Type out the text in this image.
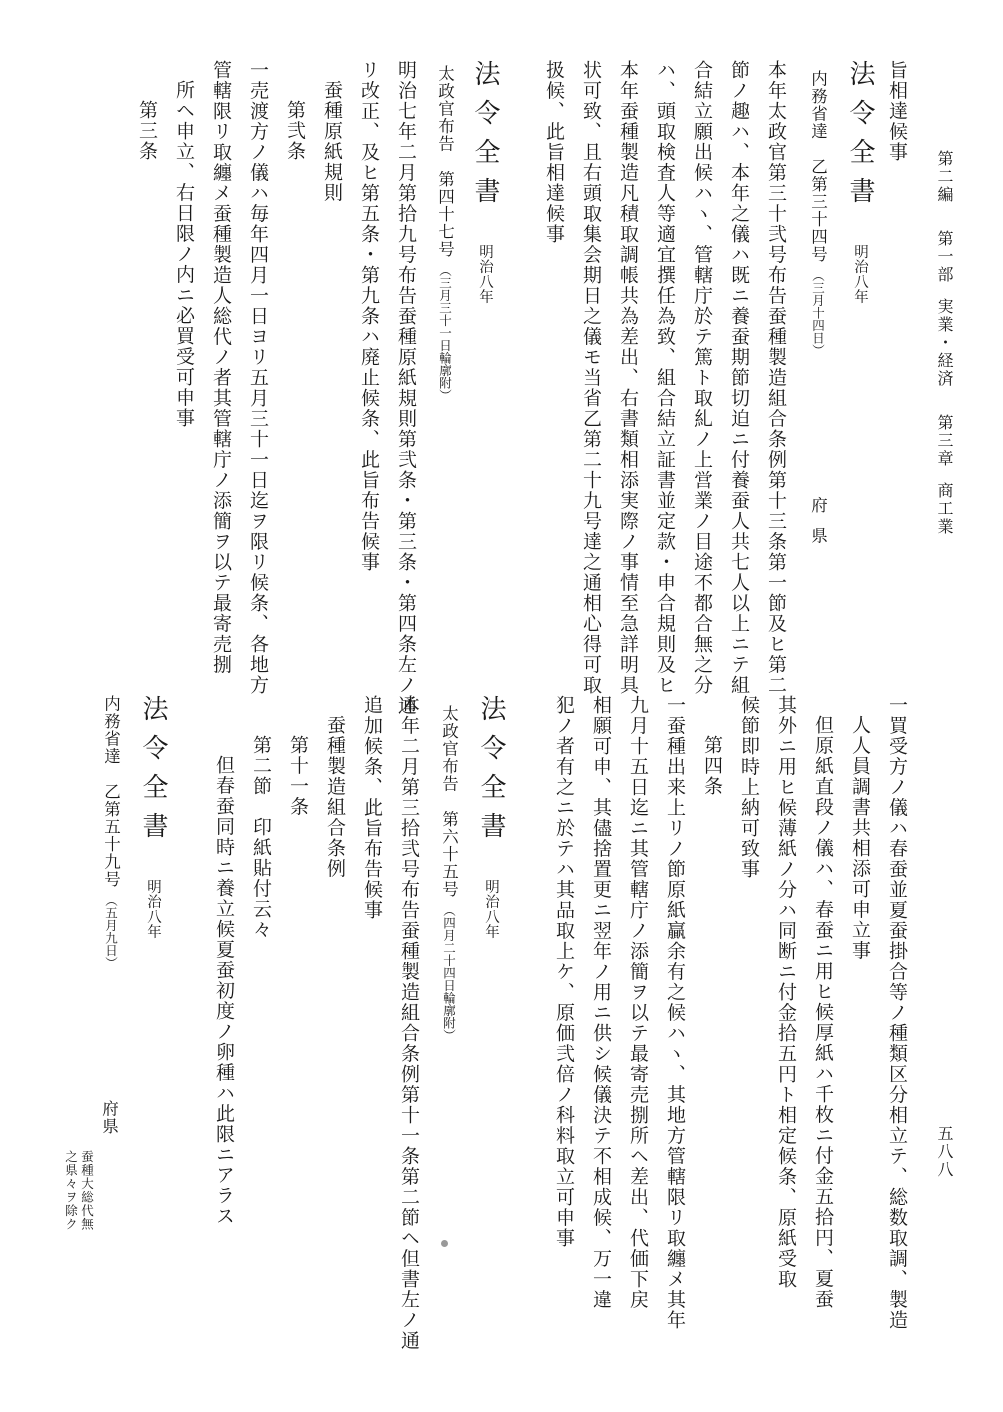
第二編第一部実業・経済第三章商工業
五八八
旨相達候事
法令全書明治八年
内務省達乙第三十四号（三月十四日）府県
本年太政官第三十弐号布告蚕種製造組合条例第十三条第一節及ヒ第二
節ノ趣ハ、本年之儀ハ既ニ養蚕期節切迫ニ付養蚕人共七人以上ニテ組
合結立願出候ハヽ、管轄庁於テ篤ト取糺ノ上営業ノ目途不都合無之分
ハ、頭取検査人等適宜撰任為致、組合結立証書並定款・申合規則及ヒ
本年蚕種製造凡積取調帳共為差出、右書類相添実際ノ事情至急詳明具
状可致、且右頭取集会期日之儀モ当省乙第二十九号達之通相心得可取
扱候、此旨相達候事
法令全書明治八年
太政官布告第四十七号（三月三十一日輪廓附）
明治七年二月第拾九号布告蚕種原紙規則第弐条・第三条・第四条左ノ通
リ改正、及ヒ第五条・第九条ハ廃止候条、此旨布告候事
蚕種原紙規則
第弐条
一売渡方ノ儀ハ毎年四月一日ヨリ五月三十一日迄ヲ限リ候条、各地方
管轄限リ取纏メ蚕種製造人総代ノ者其管轄庁ノ添簡ヲ以テ最寄売捌
所ヘ申立、右日限ノ内ニ必買受可申事
第三条
一買受方ノ儀ハ春蚕並夏蚕掛合等ノ種類区分相立テ、総数取調、製造
人人員調書共相添可申立事
但原紙直段ノ儀ハ、春蚕ニ用ヒ候厚紙ハ千枚ニ付金五拾円、夏蚕
其外ニ用ヒ候薄紙ノ分ハ同断ニ付金拾五円ト相定候条、原紙受取
候節即時上納可致事
第四条
一蚕種出来上リノ節原紙贏余有之候ハヽ、其地方管轄限リ取纏メ其年
九月十五日迄ニ其管轄庁ノ添簡ヲ以テ最寄売捌所ヘ差出、代価下戻
相願可申、其儘捨置更ニ翌年ノ用ニ供シ候儀決テ不相成候、万一違
犯ノ者有之ニ於テハ其品取上ケ、原価弐倍ノ科料取立可申事
法令全書明治八年
太政官布告第六十五号（四月二十四日輪廓附）
本年二月第三拾弐号布告蚕種製造組合条例第十一条第二節ヘ但書左ノ通
追加候条、此旨布告候事
蚕種製造組合条例
第十一条
第二節　印紙貼付云々
但春蚕同時ニ養立候夏蚕初度ノ卵種ハ此限ニアラス
法令全書明治八年
内務省達乙第五十九号（五月九日）
府県
蚕種大総代無
之県々ヲ除ク
